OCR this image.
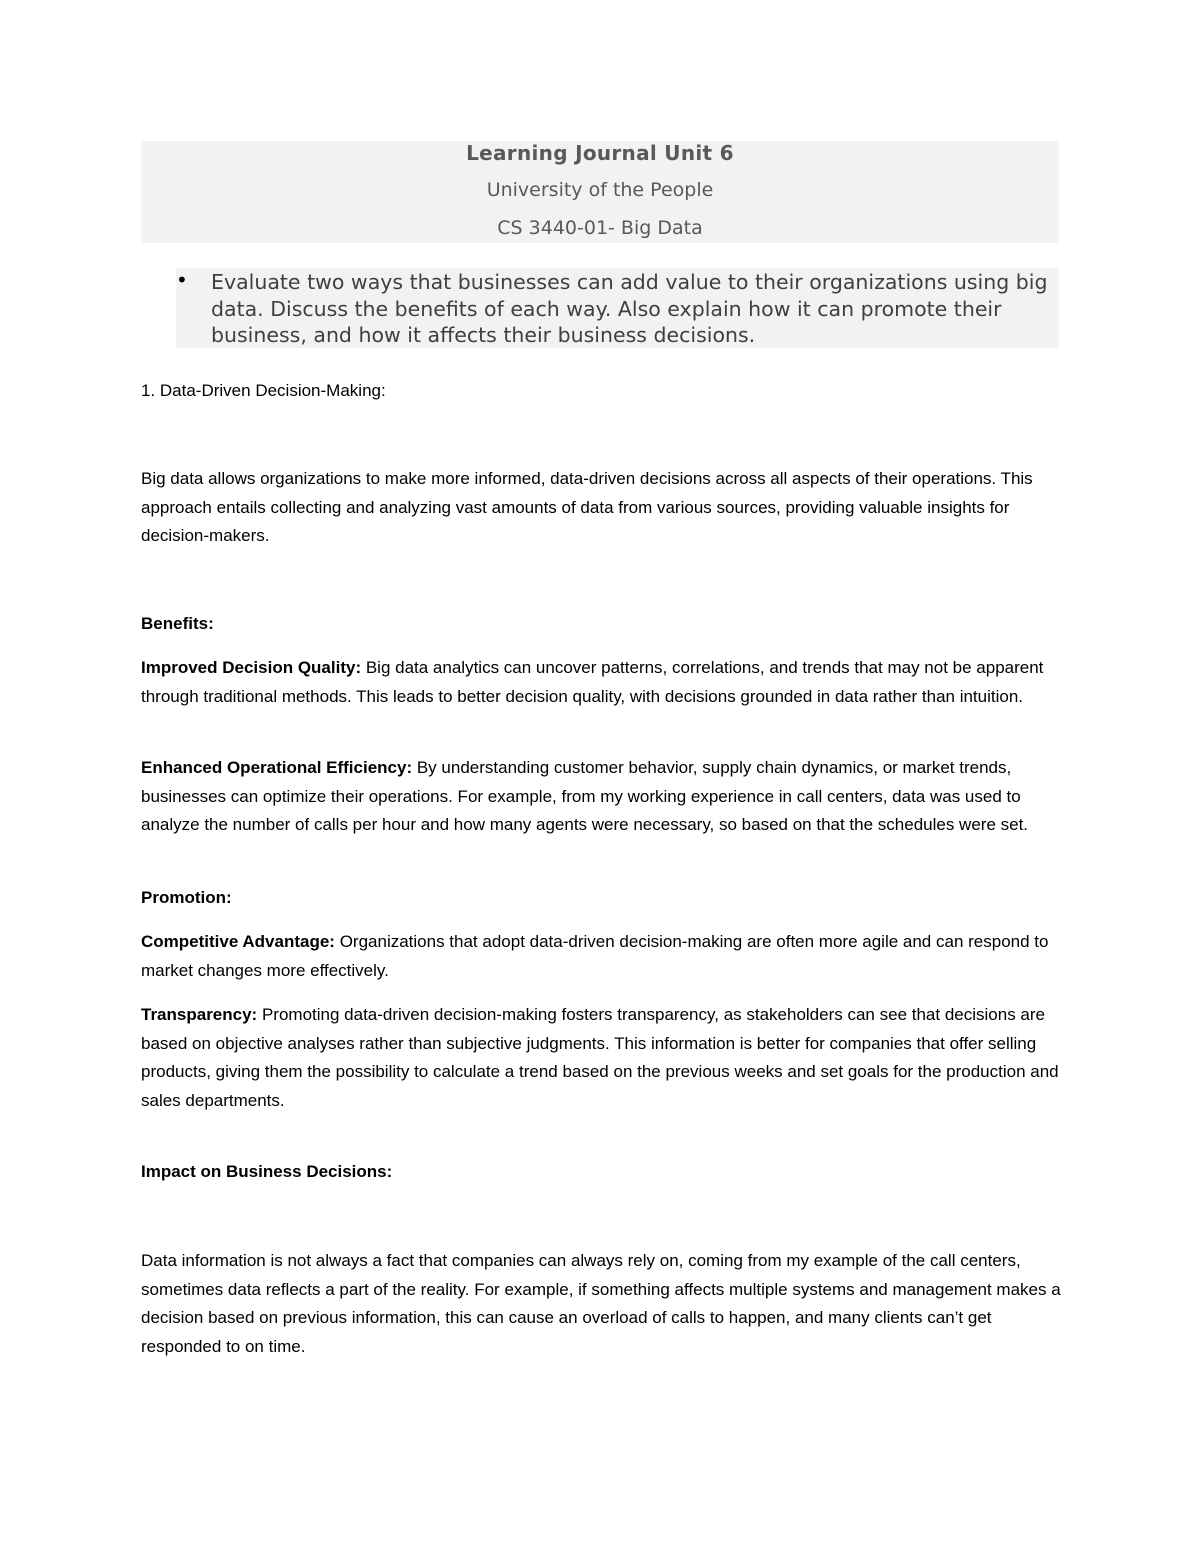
Learning Journal Unit 6
University of the People
CS 3440-01- Big Data
• Evaluate two ways that businesses can add value to their organizations using big data. Discuss the benefits of each way. Also explain how it can promote their business, and how it affects their business decisions.

1. Data-Driven Decision-Making:

Big data allows organizations to make more informed, data-driven decisions across all aspects of their operations. This approach entails collecting and analyzing vast amounts of data from various sources, providing valuable insights for decision-makers.

Benefits:

Improved Decision Quality: Big data analytics can uncover patterns, correlations, and trends that may not be apparent through traditional methods. This leads to better decision quality, with decisions grounded in data rather than intuition.

Enhanced Operational Efficiency: By understanding customer behavior, supply chain dynamics, or market trends, businesses can optimize their operations. For example, from my working experience in call centers, data was used to analyze the number of calls per hour and how many agents were necessary, so based on that the schedules were set.

Promotion:

Competitive Advantage: Organizations that adopt data-driven decision-making are often more agile and can respond to market changes more effectively.

Transparency: Promoting data-driven decision-making fosters transparency, as stakeholders can see that decisions are based on objective analyses rather than subjective judgments. This information is better for companies that offer selling products, giving them the possibility to calculate a trend based on the previous weeks and set goals for the production and sales departments.

Impact on Business Decisions:

Data information is not always a fact that companies can always rely on, coming from my example of the call centers, sometimes data reflects a part of the reality. For example, if something affects multiple systems and management makes a decision based on previous information, this can cause an overload of calls to happen, and many clients can’t get responded to on time.
